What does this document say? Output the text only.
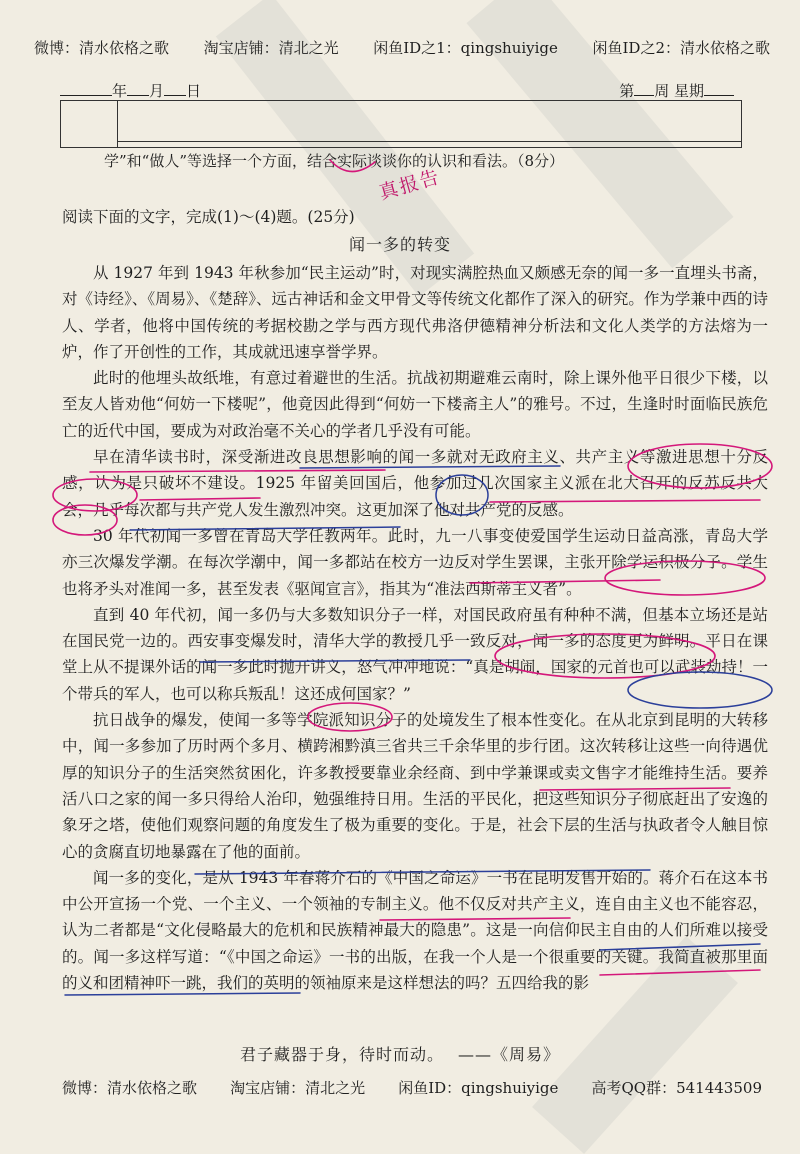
微博：清水依格之歌 淘宝店铺：清北之光 闲鱼ID之1：qingshuiyige 闲鱼ID之2：清水依格之歌
年 月 日	第 周 星期
学”和“做人”等选择一个方面，结合实际谈谈你的认识和看法。（8分）
真报告
阅读下面的文字，完成(1)～(4)题。(25分)
闻一多的转变

从 1927 年到 1943 年秋参加“民主运动”时，对现实满腔热血又颇感无奈的闻一多一直埋头书斋，对《诗经》、《周易》、《楚辞》、远古神话和金文甲骨文等传统文化都作了深入的研究。作为学兼中西的诗人、学者，他将中国传统的考据校勘之学与西方现代弗洛伊德精神分析法和文化人类学的方法熔为一炉，作了开创性的工作，其成就迅速享誉学界。

此时的他埋头故纸堆，有意过着避世的生活。抗战初期避难云南时，除上课外他平日很少下楼，以至友人皆劝他“何妨一下楼呢”，他竟因此得到“何妨一下楼斋主人”的雅号。不过，生逢时时面临民族危亡的近代中国，要成为对政治毫不关心的学者几乎没有可能。

早在清华读书时，深受渐进改良思想影响的闻一多就对无政府主义、共产主义等激进思想十分反感，认为是只破坏不建设。1925 年留美回国后，他参加过几次国家主义派在北大召开的反苏反共大会，几乎每次都与共产党人发生激烈冲突。这更加深了他对共产党的反感。

30 年代初闻一多曾在青岛大学任教两年。此时，九一八事变使爱国学生运动日益高涨，青岛大学亦三次爆发学潮。在每次学潮中，闻一多都站在校方一边反对学生罢课，主张开除学运积极分子。学生也将矛头对准闻一多，甚至发表《驱闻宣言》，指其为“准法西斯蒂主义者”。

直到 40 年代初，闻一多仍与大多数知识分子一样，对国民政府虽有种种不满，但基本立场还是站在国民党一边的。西安事变爆发时，清华大学的教授几乎一致反对，闻一多的态度更为鲜明。平日在课堂上从不提课外话的闻一多此时抛开讲义，怒气冲冲地说：“真是胡闹，国家的元首也可以武装劫持！一个带兵的军人，也可以称兵叛乱！这还成何国家？”

抗日战争的爆发，使闻一多等学院派知识分子的处境发生了根本性变化。在从北京到昆明的大转移中，闻一多参加了历时两个多月、横跨湘黔滇三省共三千余华里的步行团。这次转移让这些一向待遇优厚的知识分子的生活突然贫困化，许多教授要靠业余经商、到中学兼课或卖文售字才能维持生活。要养活八口之家的闻一多只得给人治印，勉强维持日用。生活的平民化，把这些知识分子彻底赶出了安逸的象牙之塔，使他们观察问题的角度发生了极为重要的变化。于是，社会下层的生活与执政者令人触目惊心的贪腐直切地暴露在了他的面前。

闻一多的变化，是从 1943 年春蒋介石的《中国之命运》一书在昆明发售开始的。蒋介石在这本书中公开宣扬一个党、一个主义、一个领袖的专制主义。他不仅反对共产主义，连自由主义也不能容忍，认为二者都是“文化侵略最大的危机和民族精神最大的隐患”。这是一向信仰民主自由的人们所难以接受的。闻一多这样写道：“《中国之命运》一书的出版，在我一个人是一个很重要的关键。我简直被那里面的义和团精神吓一跳，我们的英明的领袖原来是这样想法的吗？五四给我的影

君子藏器于身，待时而动。 ——《周易》
微博：清水依格之歌 淘宝店铺：清北之光 闲鱼ID：qingshuiyige 高考QQ群：541443509
